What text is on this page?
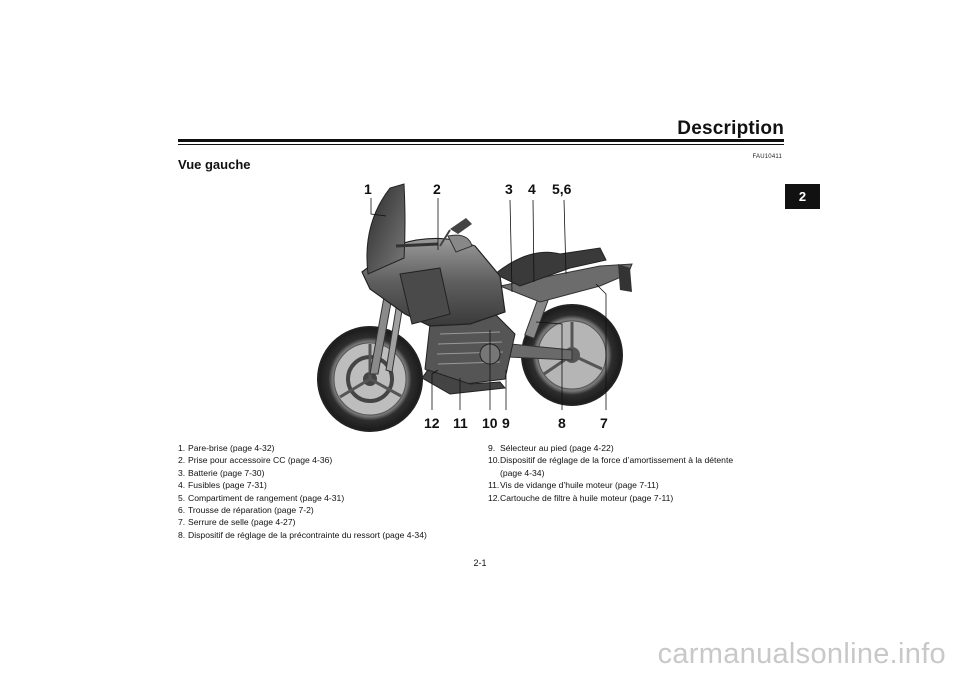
Description
Vue gauche	FAU10411
2
1	2	3 4 5,6
12 11 10 9	8 7
1. Pare-brise (page 4-32)
2. Prise pour accessoire CC (page 4-36)
3. Batterie (page 7-30)
4. Fusibles (page 7-31)
5. Compartiment de rangement (page 4-31)
6. Trousse de réparation (page 7-2)
7. Serrure de selle (page 4-27)
8. Dispositif de réglage de la précontrainte du ressort (page 4-34)
9. Sélecteur au pied (page 4-22)
10. Dispositif de réglage de la force d’amortissement à la détente
(page 4-34)
11. Vis de vidange d’huile moteur (page 7-11)
12. Cartouche de filtre à huile moteur (page 7-11)
2-1
carmanualsonline.info
